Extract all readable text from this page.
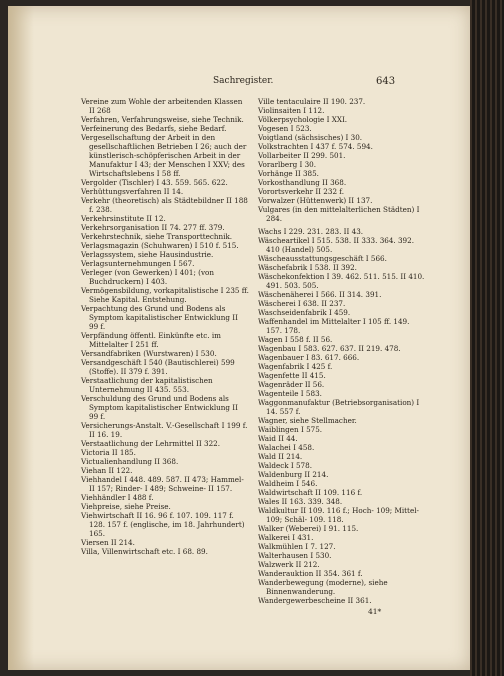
Sachregister.	643

Vereine zum Wohle der arbeitenden Klassen II 268

Verfahren, Verfahrungsweise, siehe Technik.

Verfeinerung des Bedarfs, siehe Bedarf.

Vergesellschaftung der Arbeit in den gesellschaftlichen Betrieben I 26; auch der künstlerisch-schöpferischen Arbeit in der Manufaktur I 43; der Menschen I XXV; des Wirtschaftslebens I 58 ff.

Vergolder (Tischler) I 43. 559. 565. 622.

Verhüttungsverfahren II 14.

Verkehr (theoretisch) als Städtebildner II 188 f. 238.

Verkehrsinstitute II 12.

Verkehrsorganisation II 74. 277 ff. 379.

Verkehrstechnik, siehe Transporttechnik.

Verlagsmagazin (Schuhwaren) I 510 f. 515.

Verlagssystem, siehe Hausindustrie.

Verlagsunternehmungen I 567.

Verleger (von Gewerken) I 401; (von Buchdruckern) I 403.

Vermögensbildung, vorkapitalistische I 235 ff. Siehe Kapital. Entstehung.

Verpachtung des Grund und Bodens als Symptom kapitalistischer Entwicklung II 99 f.

Verpfändung öffentl. Einkünfte etc. im Mittelalter I 251 ff.

Versandfabriken (Wurstwaren) I 530.

Versandgeschäft I 540 (Bautischlerei) 599 (Stoffe). II 379 f. 391.

Verstaatlichung der kapitalistischen Unternehmung II 435. 553.

Verschuldung des Grund und Bodens als Symptom kapitalistischer Entwicklung II 99 f.

Versicherungs-Anstalt. V.-Gesellschaft I 199 f. II 16. 19.

Verstaatlichung der Lehrmittel II 322.

Victoria II 185.

Victualienhandlung II 368.

Viehan II 122.

Viehhandel I 448. 489. 587. II 473; Hammel- II 157; Rinder- I 489; Schweine- II 157.

Viehhändler I 488 f.

Viehpreise, siehe Preise.

Viehwirtschaft II 16. 96 f. 107. 109. 117 f. 128. 157 f. (englische, im 18. Jahrhundert) 165.

Viersen II 214.

Villa, Villenwirtschaft etc. I 68. 89.

Ville tentaculaire II 190. 237.

Violinsaiten I 112.

Völkerpsychologie I XXI.

Vogesen I 523.

Voigtland (sächsisches) I 30.

Volkstrachten I 437 f. 574. 594.

Vollarbeiter II 299. 501.

Vorarlberg I 30.

Vorhänge II 385.

Vorkosthandlung II 368.

Vorortsverkehr II 232 f.

Vorwalzer (Hüttenwerk) II 137.

Vulgares (in den mittelalterlichen Städten) I 284.

Wachs I 229. 231. 283. II 43.

Wäscheartikel I 515. 538. II 333. 364. 392. 410 (Handel) 505.

Wäscheausstattungsgeschäft I 566.

Wäschefabrik I 538. II 392.

Wäschekonfektion I 39. 462. 511. 515. II 410. 491. 503. 505.

Wäschenäherei I 566. II 314. 391.

Wäscherei I 638. II 237.

Waschseidenfabrik I 459.

Waffenhandel im Mittelalter I 105 ff. 149. 157. 178.

Wagen I 558 f. II 56.

Wagenbau I 583. 627. 637. II 219. 478.

Wagenbauer I 83. 617. 666.

Wagenfabrik I 425 f.

Wagenfette II 415.

Wagenräder II 56.

Wagenteile I 583.

Waggonmanufaktur (Betriebsorganisation) I 14. 557 f.

Wagner, siehe Stellmacher.

Waiblingen I 575.

Waid II 44.

Walachei I 458.

Wald II 214.

Waldeck I 578.

Waldenburg II 214.

Waldheim I 546.

Waldwirtschaft II 109. 116 f.

Wales II 163. 339. 348.

Waldkultur II 109. 116 f.; Hoch- 109; Mittel- 109; Schäl- 109. 118.

Walker (Weberei) I 91. 115.

Walkerei I 431.

Walkmühlen I 7. 127.

Walterhausen I 530.

Walzwerk II 212.

Wanderauktion II 354. 361 f.

Wanderbewegung (moderne), siehe Binnenwanderung.

Wandergewerbescheine II 361.

41*
